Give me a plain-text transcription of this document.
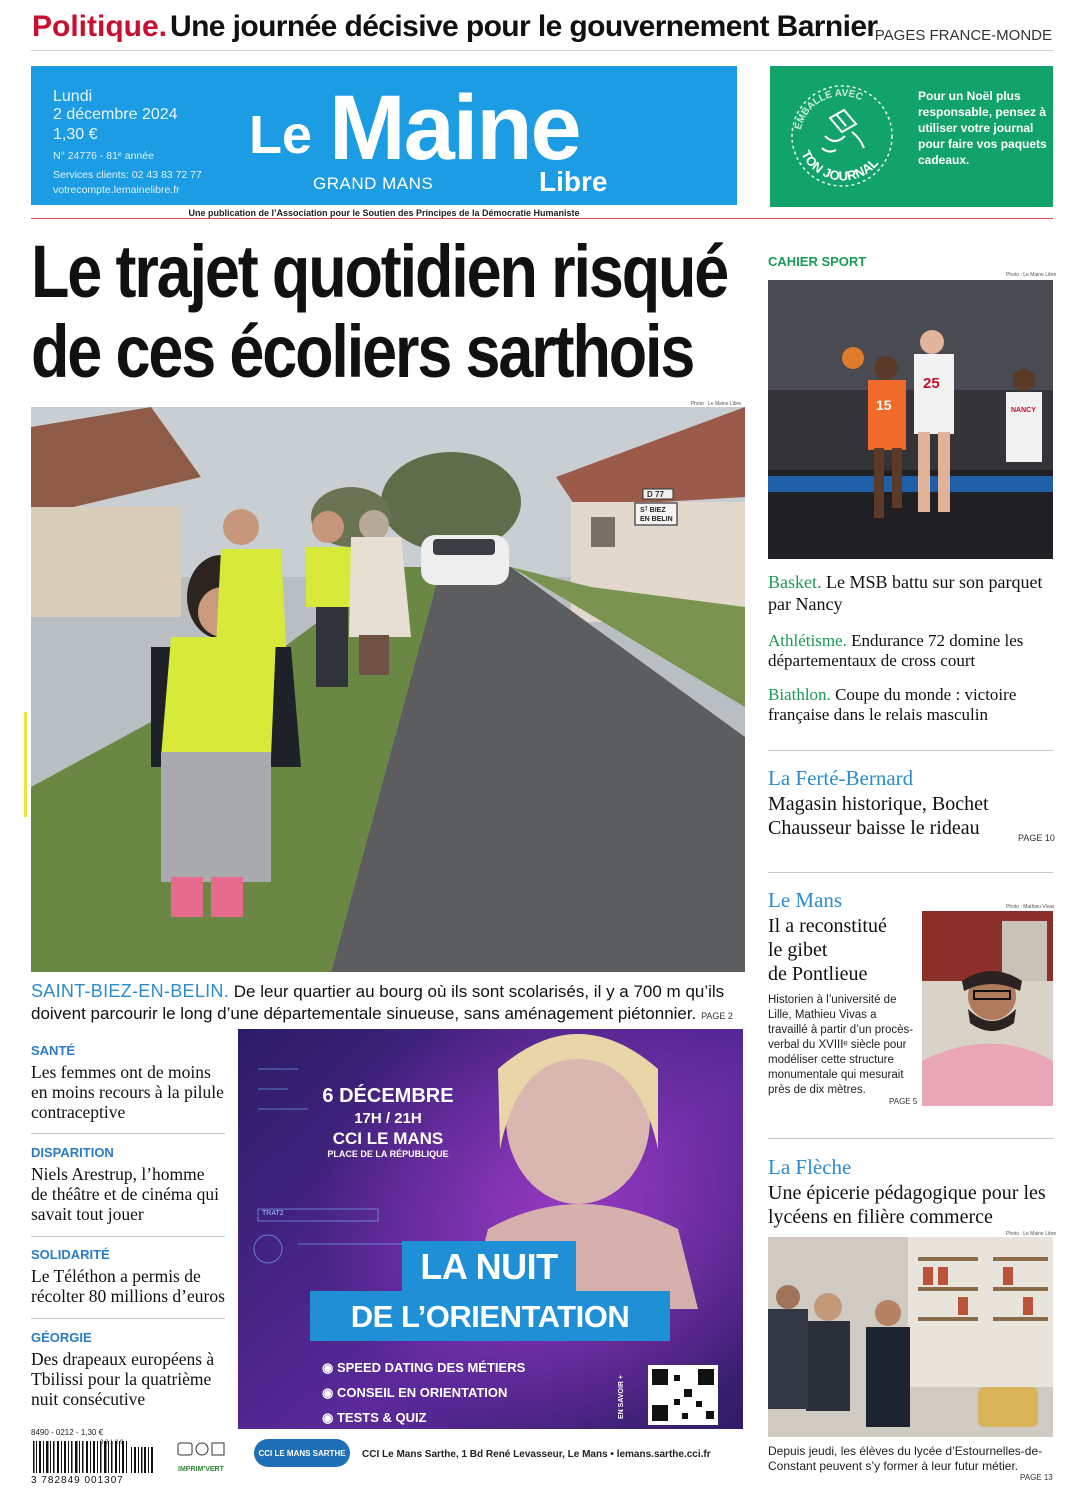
Politique. Une journée décisive pour le gouvernement Barnier
PAGES FRANCE-MONDE
Lundi
2 décembre 2024
1,30 €
N° 24776 - 81ᵉ année
Services clients: 02 43 83 72 77
votrecompte.lemainelibre.fr
Le Maine
GRAND MANS	Libre
Une publication de l’Association pour le Soutien des Principes de la Démocratie Humaniste
EMBALLE AVEC
TON JOURNAL
Pour un Noël plus responsable, pensez à utiliser votre journal pour faire vos paquets cadeaux.
Le trajet quotidien risqué
de ces écoliers sarthois
D 77
Sᵀ BIEZ
EN BELIN
Photo : Le Maine Libre
SAINT-BIEZ-EN-BELIN. De leur quartier au bourg où ils sont scolarisés, il y a 700 m qu’ils doivent parcourir le long d’une départementale sinueuse, sans aménagement piétonnier. PAGE 2
SANTÉ
Les femmes ont de moins en moins recours à la pilule contraceptive
DISPARITION
Niels Arestrup, l’homme de théâtre et de cinéma qui savait tout jouer
SOLIDARITÉ
Le Téléthon a permis de récolter 80 millions d’euros
GÉORGIE
Des drapeaux européens à Tbilissi pour la quatrième nuit consécutive
8490 - 0212 - 1,30 €
0 2 1 2 9
3 782849 001307
IMPRIM’VERT
TRAT2
6 DÉCEMBRE
17H / 21H
CCI LE MANS
PLACE DE LA RÉPUBLIQUE
LA NUIT
DE L’ORIENTATION
◉ SPEED DATING DES MÉTIERS
◉ CONSEIL EN ORIENTATION
◉ TESTS & QUIZ	EN SAVOIR +
CCI LE MANS SARTHE CCI Le Mans Sarthe, 1 Bd René Levasseur, Le Mans • lemans.sarthe.cci.fr
CAHIER SPORT
15
25
NANCY
Photo : Le Maine Libre
Basket. Le MSB battu sur son parquet par Nancy
Athlétisme. Endurance 72 domine les départementaux de cross court
Biathlon. Coupe du monde : victoire française dans le relais masculin
La Ferté-Bernard
Magasin historique, Bochet Chausseur baisse le rideau	PAGE 10
Le Mans
Il a reconstitué
le gibet
de Pontlieue
Historien à l’université de Lille, Mathieu Vivas a travaillé à partir d’un procès-verbal du XVIIIᵉ siècle pour modéliser cette structure monumentale qui mesurait près de dix mètres.
PAGE 5
Photo : Mathieu Vivas
La Flèche
Une épicerie pédagogique pour les lycéens en filière commerce
Photo : Le Maine Libre
Depuis jeudi, les élèves du lycée d’Estournelles-de-Constant peuvent s’y former à leur futur métier.
PAGE 13
